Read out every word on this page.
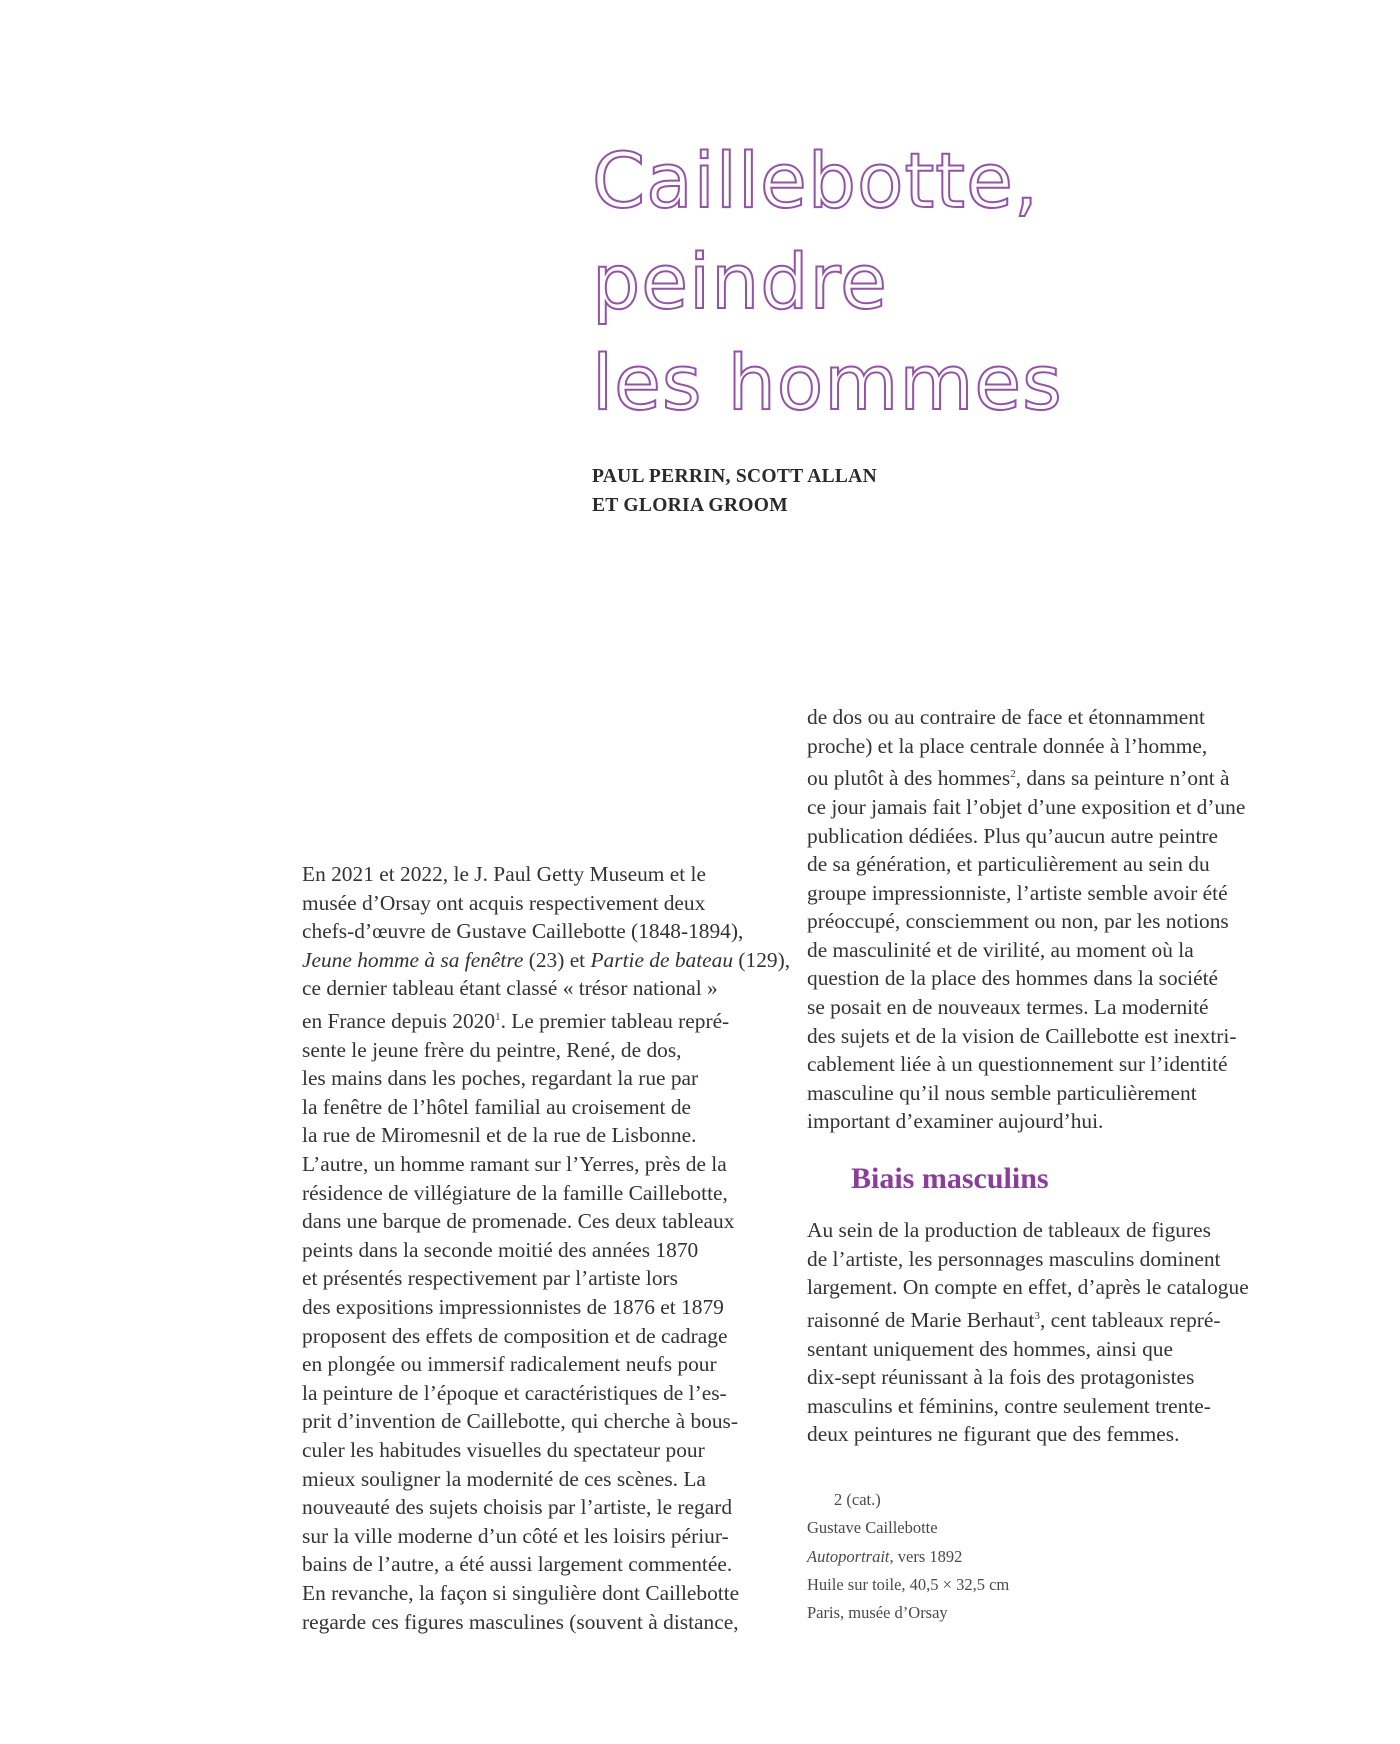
Caillebotte,
peindre
les hommes
PAUL PERRIN, SCOTT ALLAN
ET GLORIA GROOM
En 2021 et 2022, le J. Paul Getty Museum et le
musée d’Orsay ont acquis respectivement deux
chefs-d’œuvre de Gustave Caillebotte (1848-1894),
Jeune homme à sa fenêtre (23) et Partie de bateau (129),
ce dernier tableau étant classé « trésor national »
en France depuis 2020$^1$. Le premier tableau repré-
sente le jeune frère du peintre, René, de dos,
les mains dans les poches, regardant la rue par
la fenêtre de l’hôtel familial au croisement de
la rue de Miromesnil et de la rue de Lisbonne.
L’autre, un homme ramant sur l’Yerres, près de la
résidence de villégiature de la famille Caillebotte,
dans une barque de promenade. Ces deux tableaux
peints dans la seconde moitié des années 1870
et présentés respectivement par l’artiste lors
des expositions impressionnistes de 1876 et 1879
proposent des effets de composition et de cadrage
en plongée ou immersif radicalement neufs pour
la peinture de l’époque et caractéristiques de l’es-
prit d’invention de Caillebotte, qui cherche à bous-
culer les habitudes visuelles du spectateur pour
mieux souligner la modernité de ces scènes. La
nouveauté des sujets choisis par l’artiste, le regard
sur la ville moderne d’un côté et les loisirs périur-
bains de l’autre, a été aussi largement commentée.
En revanche, la façon si singulière dont Caillebotte
regarde ces figures masculines (souvent à distance,
de dos ou au contraire de face et étonnamment
proche) et la place centrale donnée à l’homme,
ou plutôt à des hommes$^2$, dans sa peinture n’ont à
ce jour jamais fait l’objet d’une exposition et d’une
publication dédiées. Plus qu’aucun autre peintre
de sa génération, et particulièrement au sein du
groupe impressionniste, l’artiste semble avoir été
préoccupé, consciemment ou non, par les notions
de masculinité et de virilité, au moment où la
question de la place des hommes dans la société
se posait en de nouveaux termes. La modernité
des sujets et de la vision de Caillebotte est inextri-
cablement liée à un questionnement sur l’identité
masculine qu’il nous semble particulièrement
important d’examiner aujourd’hui.
Biais masculins
Au sein de la production de tableaux de figures
de l’artiste, les personnages masculins dominent
largement. On compte en effet, d’après le catalogue
raisonné de Marie Berhaut$^3$, cent tableaux repré-
sentant uniquement des hommes, ainsi que
dix-sept réunissant à la fois des protagonistes
masculins et féminins, contre seulement trente-
deux peintures ne figurant que des femmes.
2 (cat.)
Gustave Caillebotte
Autoportrait, vers 1892
Huile sur toile, 40,5 × 32,5 cm
Paris, musée d’Orsay
